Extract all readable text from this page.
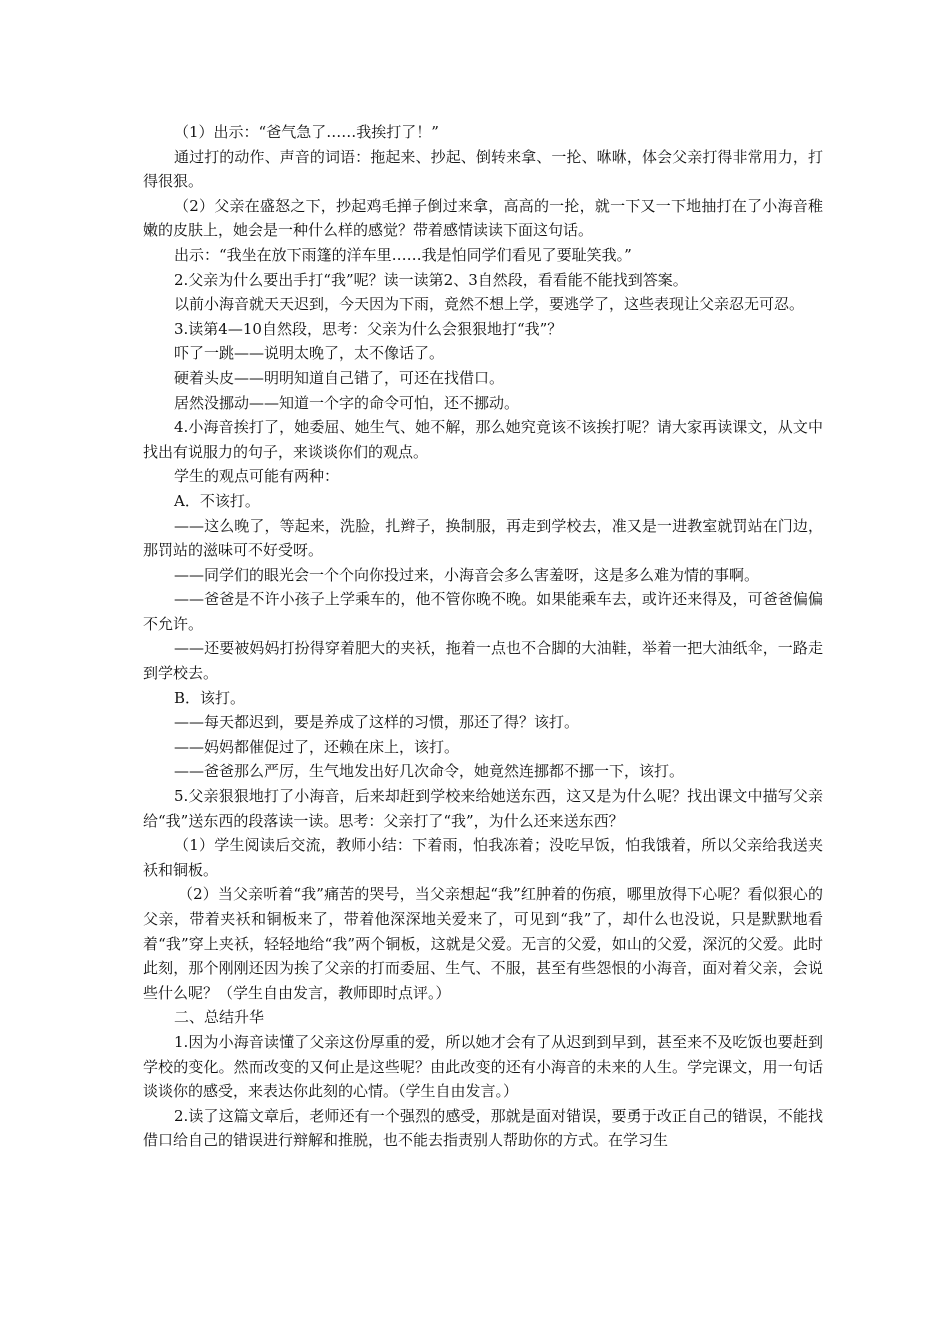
（1）出示：“爸气急了……我挨打了！”

通过打的动作、声音的词语：拖起来、抄起、倒转来拿、一抡、咻咻，体会父亲打得非常用力，打得很狠。

（2）父亲在盛怒之下，抄起鸡毛掸子倒过来拿，高高的一抡，就一下又一下地抽打在了小海音稚嫩的皮肤上，她会是一种什么样的感觉？带着感情读读下面这句话。

出示：“我坐在放下雨篷的洋车里……我是怕同学们看见了要耻笑我。”

2.父亲为什么要出手打“我”呢？读一读第2、3自然段，看看能不能找到答案。

以前小海音就天天迟到，今天因为下雨，竟然不想上学，要逃学了，这些表现让父亲忍无可忍。

3.读第4—10自然段，思考：父亲为什么会狠狠地打“我”？

吓了一跳——说明太晚了，太不像话了。

硬着头皮——明明知道自己错了，可还在找借口。

居然没挪动——知道一个字的命令可怕，还不挪动。

4.小海音挨打了，她委屈、她生气、她不解，那么她究竟该不该挨打呢？请大家再读课文，从文中找出有说服力的句子，来谈谈你们的观点。

学生的观点可能有两种：

A．不该打。

——这么晚了，等起来，洗脸，扎辫子，换制服，再走到学校去，准又是一进教室就罚站在门边，那罚站的滋味可不好受呀。

——同学们的眼光会一个个向你投过来，小海音会多么害羞呀，这是多么难为情的事啊。

——爸爸是不许小孩子上学乘车的，他不管你晚不晚。如果能乘车去，或许还来得及，可爸爸偏偏不允许。

——还要被妈妈打扮得穿着肥大的夹袄，拖着一点也不合脚的大油鞋，举着一把大油纸伞，一路走到学校去。

B．该打。

——每天都迟到，要是养成了这样的习惯，那还了得？该打。

——妈妈都催促过了，还赖在床上，该打。

——爸爸那么严厉，生气地发出好几次命令，她竟然连挪都不挪一下，该打。

5.父亲狠狠地打了小海音，后来却赶到学校来给她送东西，这又是为什么呢？找出课文中描写父亲给“我”送东西的段落读一读。思考：父亲打了“我”，为什么还来送东西？

（1）学生阅读后交流，教师小结：下着雨，怕我冻着；没吃早饭，怕我饿着，所以父亲给我送夹袄和铜板。

（2）当父亲听着“我”痛苦的哭号，当父亲想起“我”红肿着的伤痕，哪里放得下心呢？看似狠心的父亲，带着夹袄和铜板来了，带着他深深地关爱来了，可见到“我”了，却什么也没说，只是默默地看着“我”穿上夹袄，轻轻地给“我”两个铜板，这就是父爱。无言的父爱，如山的父爱，深沉的父爱。此时此刻，那个刚刚还因为挨了父亲的打而委屈、生气、不服，甚至有些怨恨的小海音，面对着父亲，会说些什么呢？（学生自由发言，教师即时点评。）

二、总结升华

1.因为小海音读懂了父亲这份厚重的爱，所以她才会有了从迟到到早到，甚至来不及吃饭也要赶到学校的变化。然而改变的又何止是这些呢？由此改变的还有小海音的未来的人生。学完课文，用一句话谈谈你的感受，来表达你此刻的心情。（学生自由发言。）

2.读了这篇文章后，老师还有一个强烈的感受，那就是面对错误，要勇于改正自己的错误，不能找借口给自己的错误进行辩解和推脱，也不能去指责别人帮助你的方式。在学习生
